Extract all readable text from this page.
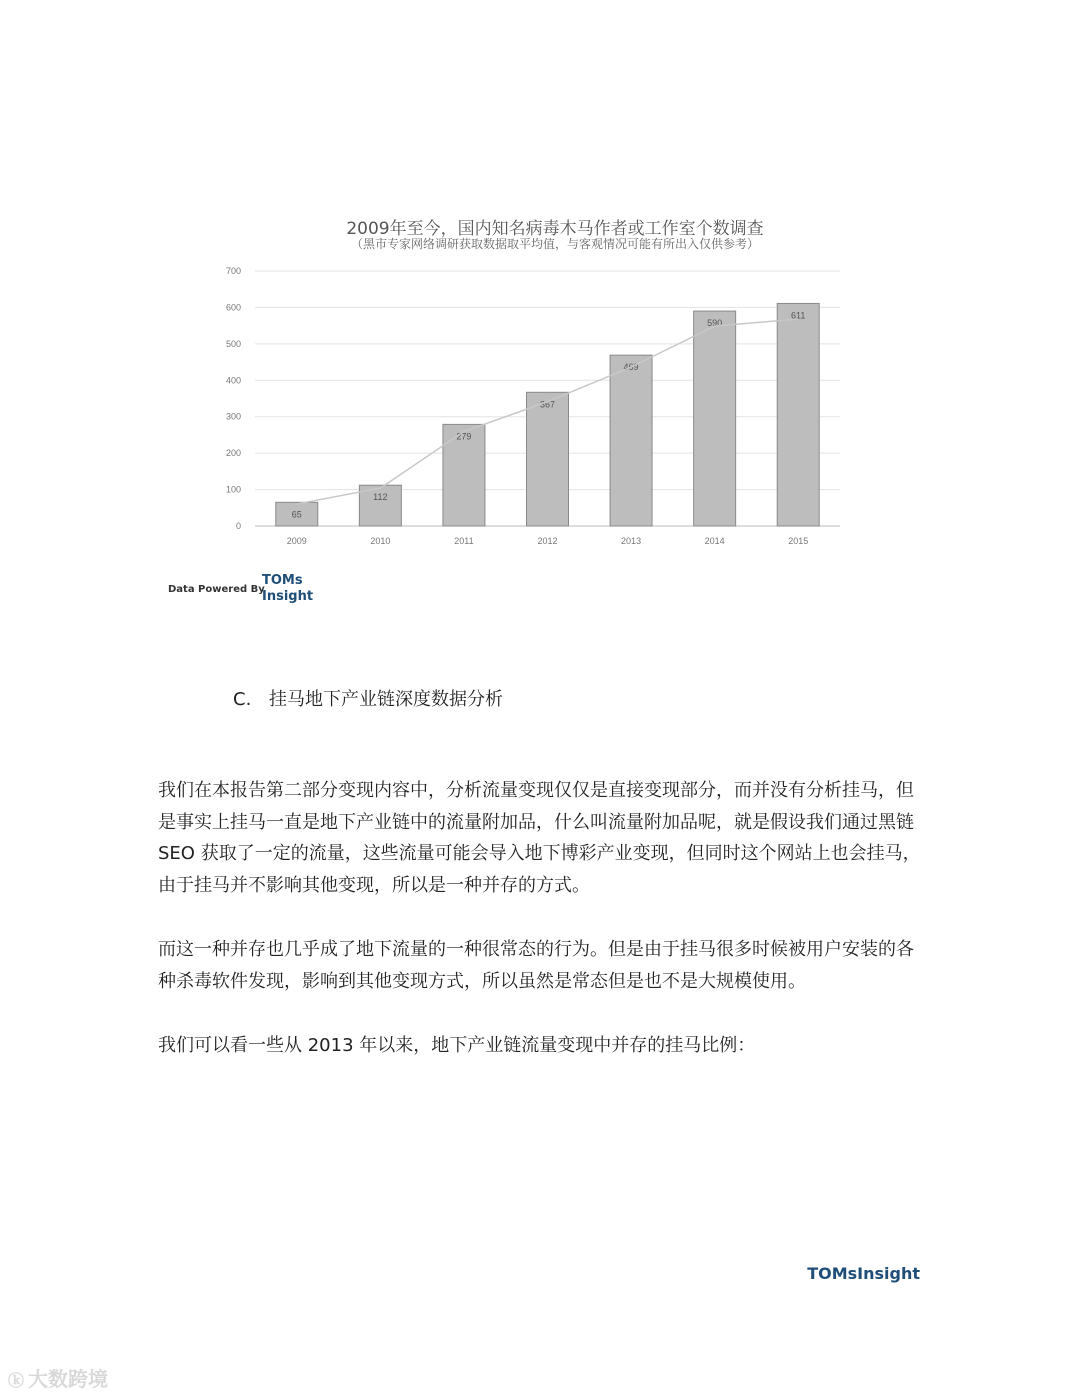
2009年至今，国内知名病毒木马作者或工作室个数调查
（黑市专家网络调研获取数据取平均值，与客观情况可能有所出入仅供参考）
0
100
200
300
400
500
600
700
65
2009
112
2010
279
2011
367
2012
469
2013
590
2014
611
2015
Data Powered By
TOMs
Insight
C. 挂马地下产业链深度数据分析

我们在本报告第二部分变现内容中，分析流量变现仅仅是直接变现部分，而并没有分析挂马，但是事实上挂马一直是地下产业链中的流量附加品，什么叫流量附加品呢，就是假设我们通过黑链 SEO 获取了一定的流量，这些流量可能会导入地下博彩产业变现，但同时这个网站上也会挂马，由于挂马并不影响其他变现，所以是一种并存的方式。

而这一种并存也几乎成了地下流量的一种很常态的行为。但是由于挂马很多时候被用户安装的各种杀毒软件发现，影响到其他变现方式，所以虽然是常态但是也不是大规模使用。

我们可以看一些从 2013 年以来，地下产业链流量变现中并存的挂马比例：

TOMsInsight
ⓚ 大数跨境
